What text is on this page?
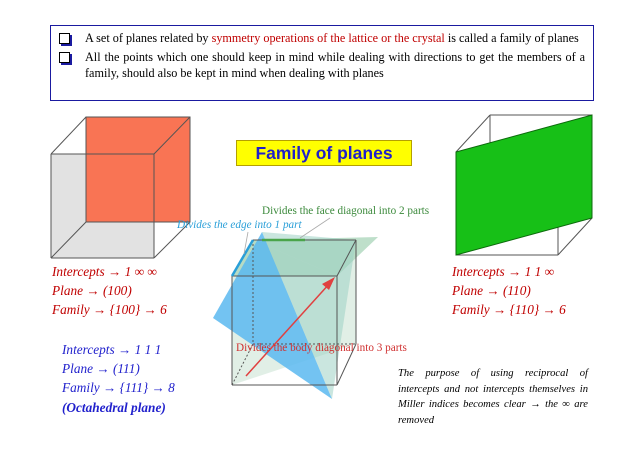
A set of planes related by symmetry operations of the lattice or the crystal is called a family of planes
All the points which one should keep in mind while dealing with directions to get the members of a family, should also be kept in mind when dealing with planes
Family of planes
Divides the face diagonal into 2 parts
Divides the edge into 1 part
Divides the body diagonal into 3 parts
Intercepts → 1 ∞ ∞
Plane → (100)
Family → {100} → 6
Intercepts → 1 1 ∞
Plane → (110)
Family → {110} → 6
Intercepts → 1 1 1
Plane → (111)
Family → {111} → 8
(Octahedral plane)
The purpose of using reciprocal of intercepts and not intercepts themselves in Miller indices becomes clear → the ∞ are removed
